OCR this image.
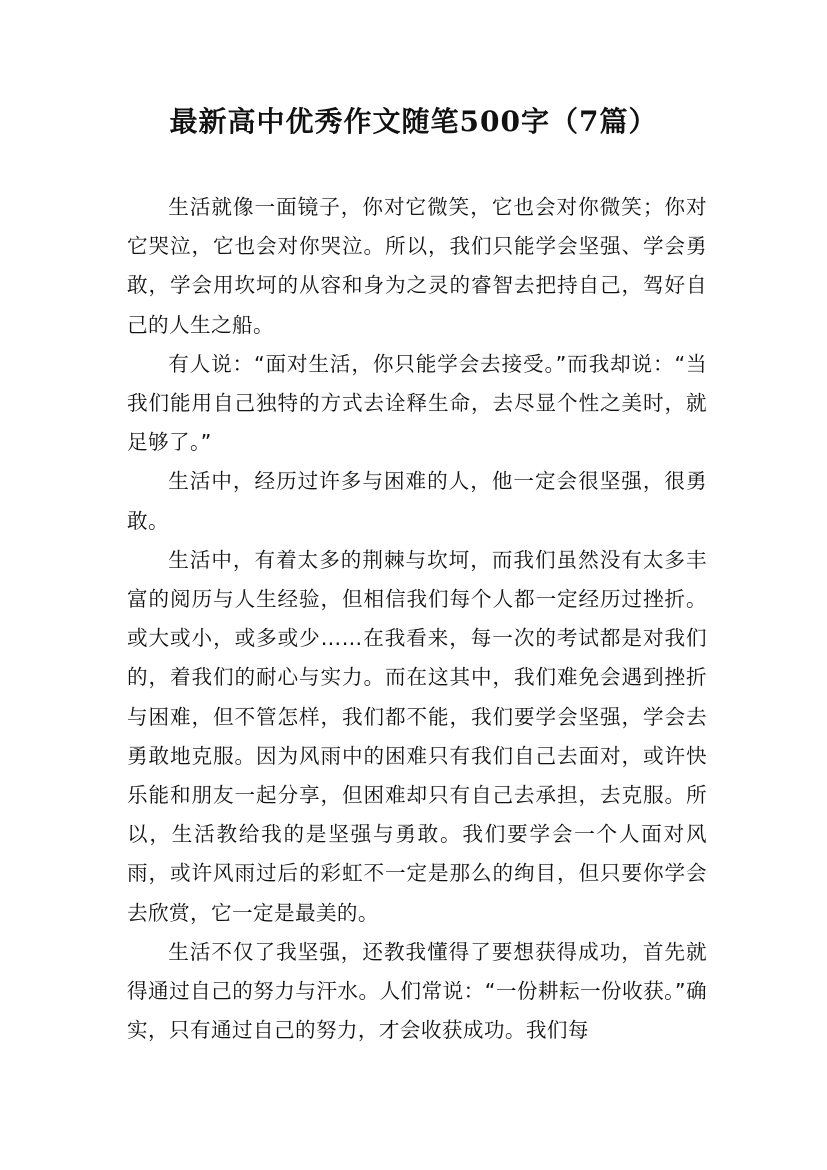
最新高中优秀作文随笔500字（7篇）

生活就像一面镜子，你对它微笑，它也会对你微笑；你对它哭泣，它也会对你哭泣。所以，我们只能学会坚强、学会勇敢，学会用坎坷的从容和身为之灵的睿智去把持自己，驾好自己的人生之船。

有人说：“面对生活，你只能学会去接受。”而我却说：“当我们能用自己独特的方式去诠释生命，去尽显个性之美时，就足够了。”

生活中，经历过许多与困难的人，他一定会很坚强，很勇敢。

生活中，有着太多的荆棘与坎坷，而我们虽然没有太多丰富的阅历与人生经验，但相信我们每个人都一定经历过挫折。或大或小，或多或少……在我看来，每一次的考试都是对我们的，着我们的耐心与实力。而在这其中，我们难免会遇到挫折与困难，但不管怎样，我们都不能，我们要学会坚强，学会去勇敢地克服。因为风雨中的困难只有我们自己去面对，或许快乐能和朋友一起分享，但困难却只有自己去承担，去克服。所以，生活教给我的是坚强与勇敢。我们要学会一个人面对风雨，或许风雨过后的彩虹不一定是那么的绚目，但只要你学会去欣赏，它一定是最美的。

生活不仅了我坚强，还教我懂得了要想获得成功，首先就得通过自己的努力与汗水。人们常说：“一份耕耘一份收获。”确实，只有通过自己的努力，才会收获成功。我们每
